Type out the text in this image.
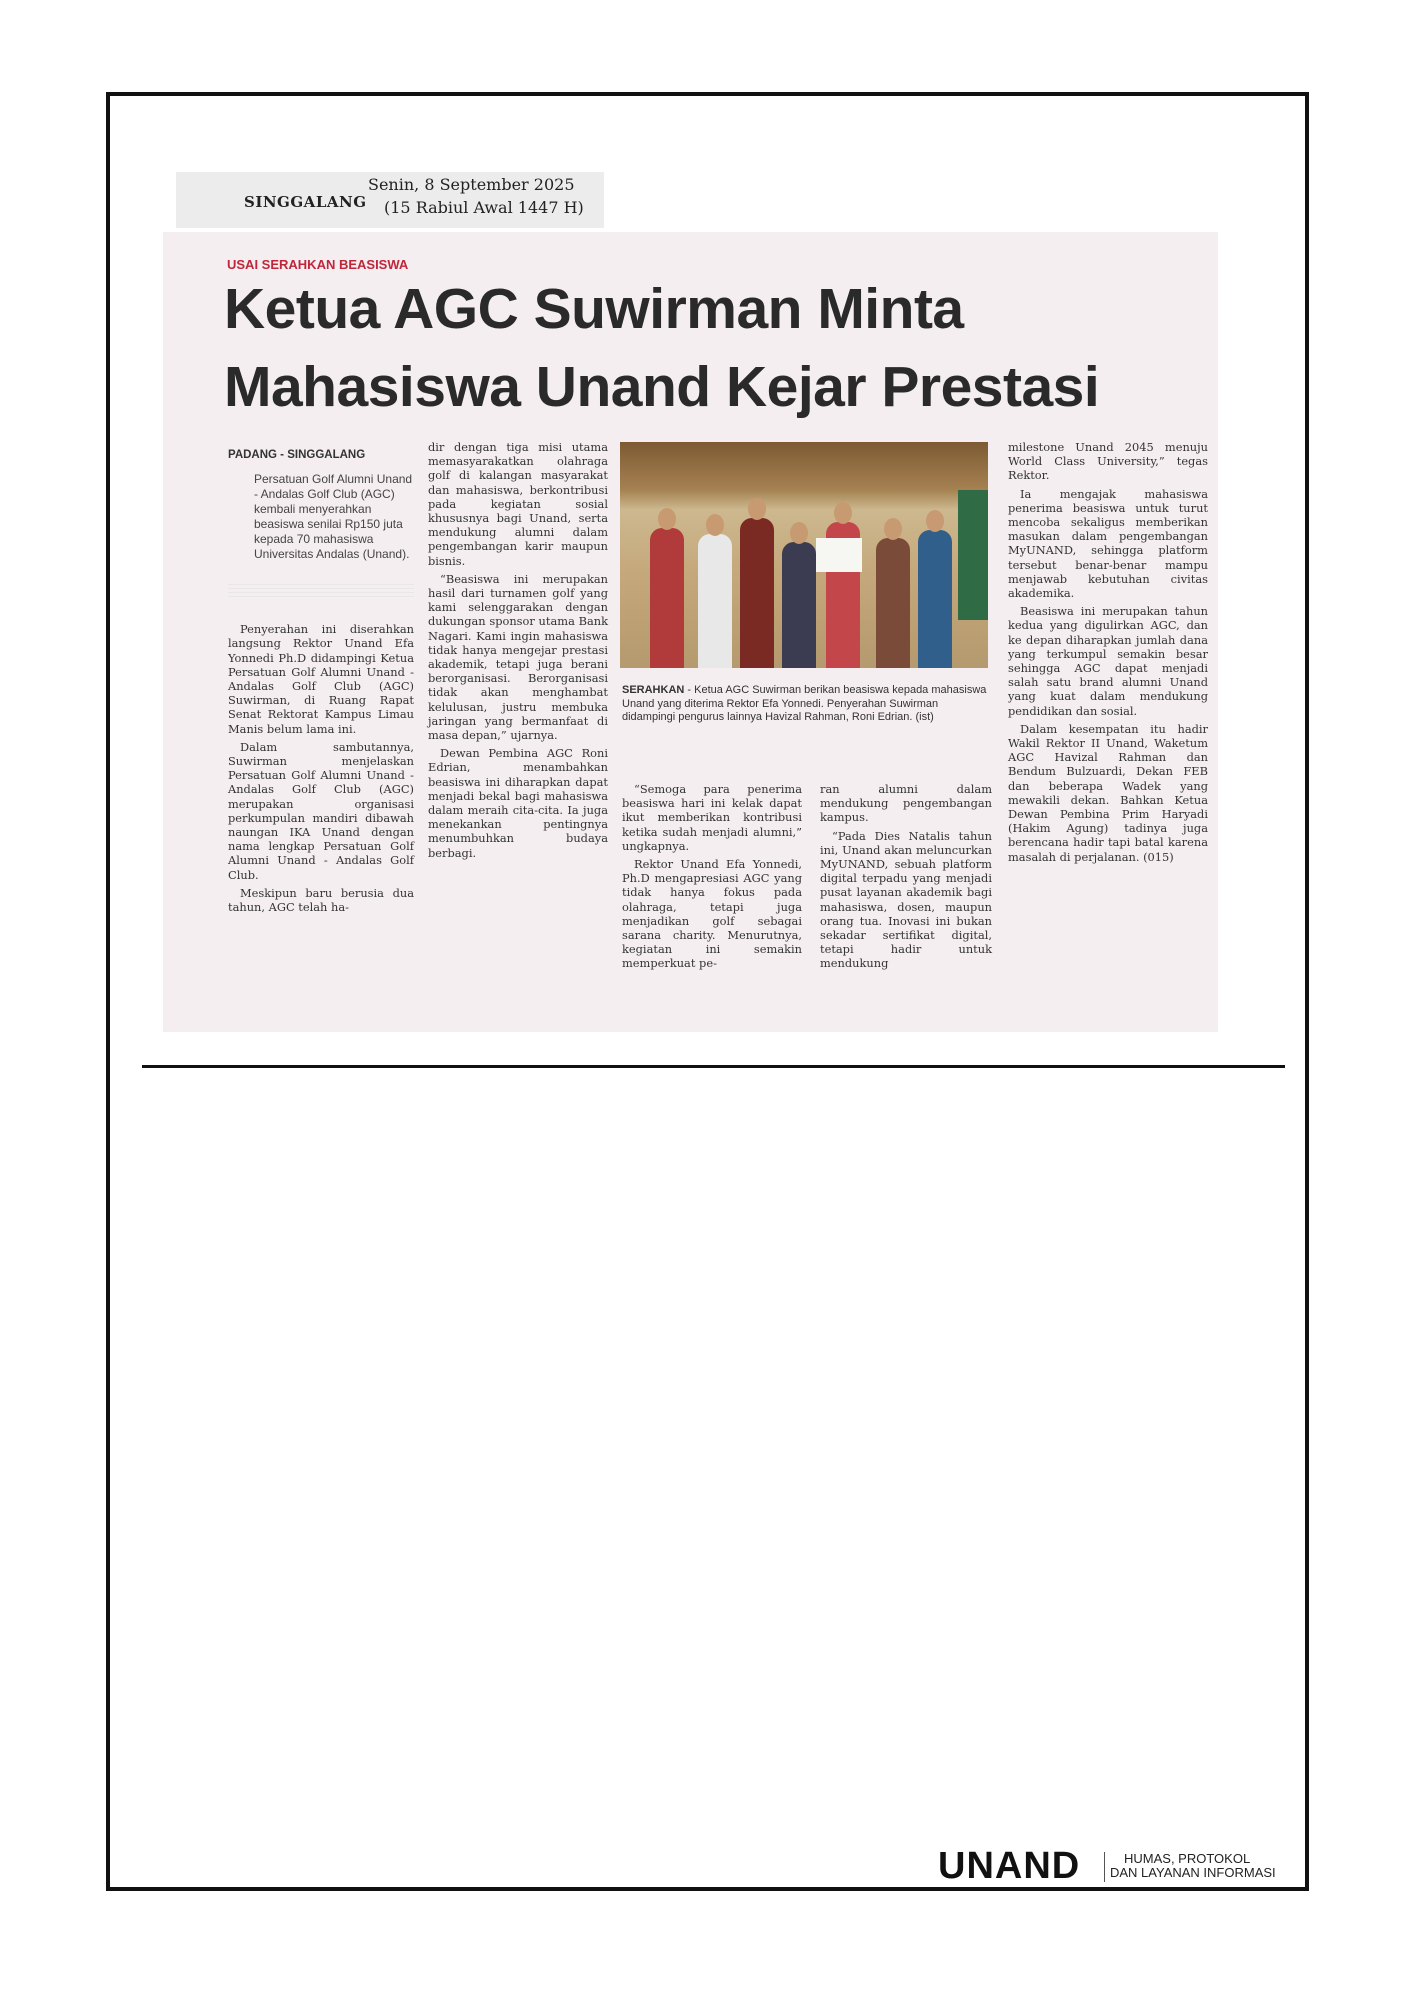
SINGGALANG
Senin, 8 September 2025
(15 Rabiul Awal 1447 H)
USAI SERAHKAN BEASISWA
Ketua AGC Suwirman Minta
Mahasiswa Unand Kejar Prestasi
PADANG - SINGGALANG
Persatuan Golf Alumni Unand - Andalas Golf Club (AGC) kembali menyerahkan beasiswa senilai Rp150 juta kepada 70 mahasiswa Universitas Andalas (Unand).

Penyerahan ini diserahkan langsung Rektor Unand Efa Yonnedi Ph.D didampingi Ketua Persatuan Golf Alumni Unand - Andalas Golf Club (AGC) Suwirman, di Ruang Rapat Senat Rektorat Kampus Limau Manis belum lama ini.

Dalam sambutannya, Suwirman menjelaskan Persatuan Golf Alumni Unand - Andalas Golf Club (AGC) merupakan organisasi perkumpulan mandiri dibawah naungan IKA Unand dengan nama lengkap Persatuan Golf Alumni Unand - Andalas Golf Club.

Meskipun baru berusia dua tahun, AGC telah ha-

dir dengan tiga misi utama memasyarakatkan olahraga golf di kalangan masyarakat dan mahasiswa, berkontribusi pada kegiatan sosial khususnya bagi Unand, serta mendukung alumni dalam pengembangan karir maupun bisnis.

“Beasiswa ini merupakan hasil dari turnamen golf yang kami selenggarakan dengan dukungan sponsor utama Bank Nagari. Kami ingin mahasiswa tidak hanya mengejar prestasi akademik, tetapi juga berani berorganisasi. Berorganisasi tidak akan menghambat kelulusan, justru membuka jaringan yang bermanfaat di masa depan,” ujarnya.

Dewan Pembina AGC Roni Edrian, menambahkan beasiswa ini diharapkan dapat menjadi bekal bagi mahasiswa dalam meraih cita-cita. Ia juga menekankan pentingnya menumbuhkan budaya berbagi.

SERAHKAN - Ketua AGC Suwirman berikan beasiswa kepada mahasiswa Unand yang diterima Rektor Efa Yonnedi. Penyerahan Suwirman didampingi pengurus lainnya Havizal Rahman, Roni Edrian. (ist)

“Semoga para penerima beasiswa hari ini kelak dapat ikut memberikan kontribusi ketika sudah menjadi alumni,” ungkapnya.

Rektor Unand Efa Yonnedi, Ph.D mengapresiasi AGC yang tidak hanya fokus pada olahraga, tetapi juga menjadikan golf sebagai sarana charity. Menurutnya, kegiatan ini semakin memperkuat pe-

ran alumni dalam mendukung pengembangan kampus.

“Pada Dies Natalis tahun ini, Unand akan meluncurkan MyUNAND, sebuah platform digital terpadu yang menjadi pusat layanan akademik bagi mahasiswa, dosen, maupun orang tua. Inovasi ini bukan sekadar sertifikat digital, tetapi hadir untuk mendukung

milestone Unand 2045 menuju World Class University,” tegas Rektor.

Ia mengajak mahasiswa penerima beasiswa untuk turut mencoba sekaligus memberikan masukan dalam pengembangan MyUNAND, sehingga platform tersebut benar-benar mampu menjawab kebutuhan civitas akademika.

Beasiswa ini merupakan tahun kedua yang digulirkan AGC, dan ke depan diharapkan jumlah dana yang terkumpul semakin besar sehingga AGC dapat menjadi salah satu brand alumni Unand yang kuat dalam mendukung pendidikan dan sosial.

Dalam kesempatan itu hadir Wakil Rektor II Unand, Waketum AGC Havizal Rahman dan Bendum Bulzuardi, Dekan FEB dan beberapa Wadek yang mewakili dekan. Bahkan Ketua Dewan Pembina Prim Haryadi (Hakim Agung) tadinya juga berencana hadir tapi batal karena masalah di perjalanan. (015)

UNAND	HUMAS, PROTOKOL
DAN LAYANAN INFORMASI
